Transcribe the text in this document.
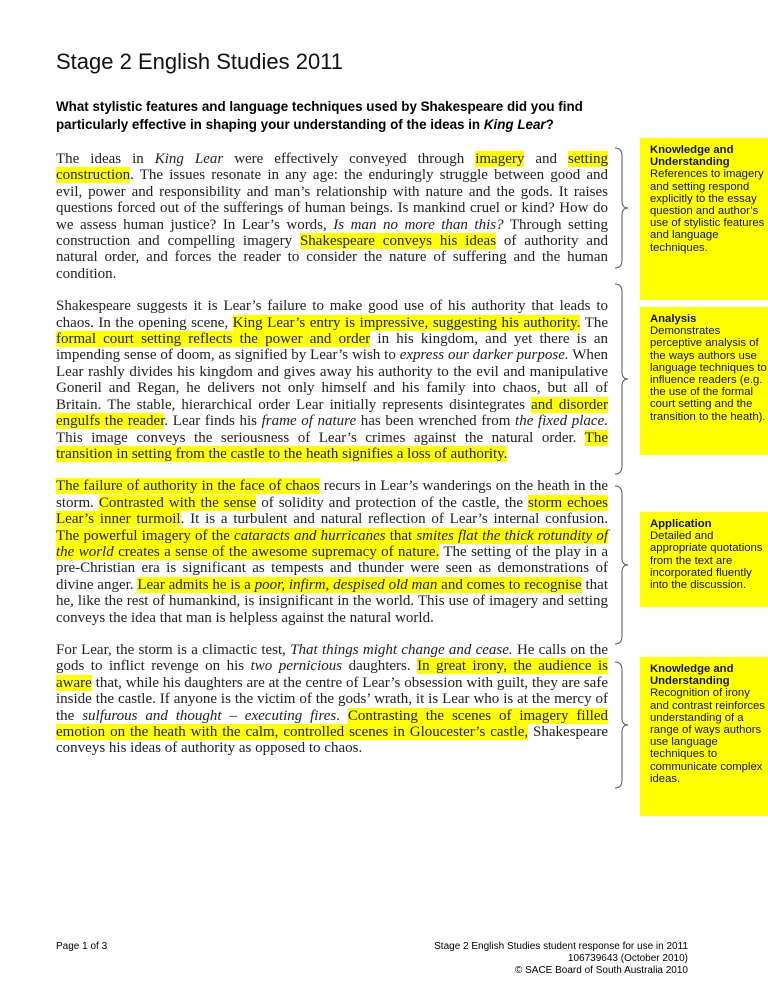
Stage 2 English Studies 2011
What stylistic features and language techniques used by Shakespeare did you find particularly effective in shaping your understanding of the ideas in King Lear?
The ideas in King Lear were effectively conveyed through imagery and setting construction. The issues resonate in any age: the enduringly struggle between good and evil, power and responsibility and man’s relationship with nature and the gods. It raises questions forced out of the sufferings of human beings. Is mankind cruel or kind? How do we assess human justice? In Lear’s words, Is man no more than this? Through setting construction and compelling imagery Shakespeare conveys his ideas of authority and natural order, and forces the reader to consider the nature of suffering and the human condition.
Shakespeare suggests it is Lear’s failure to make good use of his authority that leads to chaos. In the opening scene, King Lear’s entry is impressive, suggesting his authority. The formal court setting reflects the power and order in his kingdom, and yet there is an impending sense of doom, as signified by Lear’s wish to express our darker purpose. When Lear rashly divides his kingdom and gives away his authority to the evil and manipulative Goneril and Regan, he delivers not only himself and his family into chaos, but all of Britain. The stable, hierarchical order Lear initially represents disintegrates and disorder engulfs the reader. Lear finds his frame of nature has been wrenched from the fixed place. This image conveys the seriousness of Lear’s crimes against the natural order. The transition in setting from the castle to the heath signifies a loss of authority.
The failure of authority in the face of chaos recurs in Lear’s wanderings on the heath in the storm. Contrasted with the sense of solidity and protection of the castle, the storm echoes Lear’s inner turmoil. It is a turbulent and natural reflection of Lear’s internal confusion. The powerful imagery of the cataracts and hurricanes that smites flat the thick rotundity of the world creates a sense of the awesome supremacy of nature. The setting of the play in a pre-Christian era is significant as tempests and thunder were seen as demonstrations of divine anger. Lear admits he is a poor, infirm, despised old man and comes to recognise that he, like the rest of humankind, is insignificant in the world. This use of imagery and setting conveys the idea that man is helpless against the natural world.
For Lear, the storm is a climactic test, That things might change and cease. He calls on the gods to inflict revenge on his two pernicious daughters. In great irony, the audience is aware that, while his daughters are at the centre of Lear’s obsession with guilt, they are safe inside the castle. If anyone is the victim of the gods’ wrath, it is Lear who is at the mercy of the sulfurous and thought – executing fires. Contrasting the scenes of imagery filled emotion on the heath with the calm, controlled scenes in Gloucester’s castle, Shakespeare conveys his ideas of authority as opposed to chaos.
Knowledge and Understanding
References to imagery and setting respond explicitly to the essay question and author’s use of stylistic features and language techniques.
Analysis
Demonstrates perceptive analysis of the ways authors use language techniques to influence readers (e.g. the use of the formal court setting and the transition to the heath).
Application
Detailed and appropriate quotations from the text are incorporated fluently into the discussion.
Knowledge and Understanding
Recognition of irony and contrast reinforces understanding of a range of ways authors use language techniques to communicate complex ideas.
Page 1 of 3	Stage 2 English Studies student response for use in 2011
106739643 (October 2010)
© SACE Board of South Australia 2010
